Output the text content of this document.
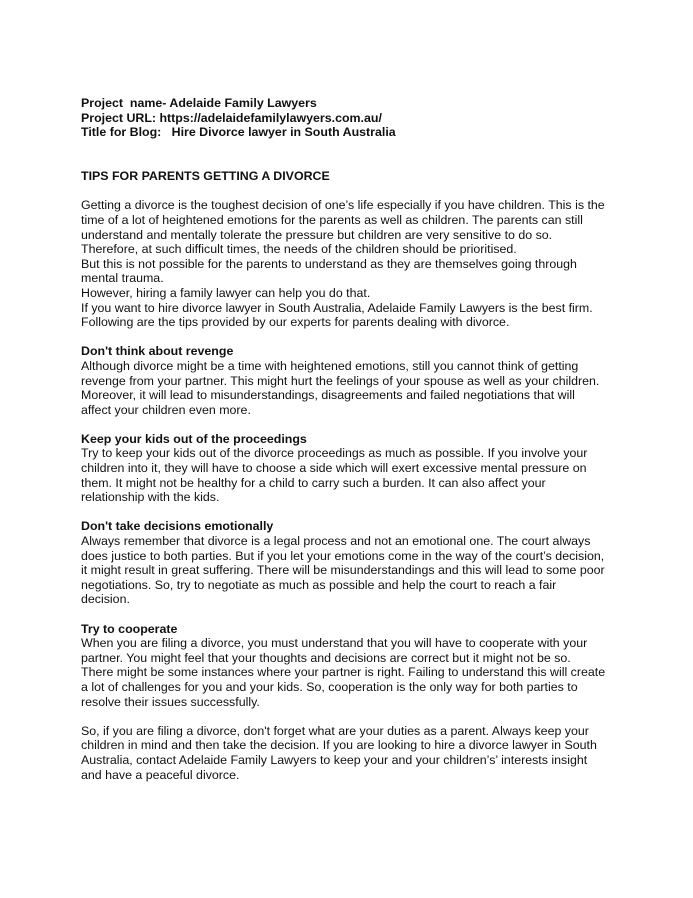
Project  name- Adelaide Family Lawyers
Project URL: https://adelaidefamilylawyers.com.au/
Title for Blog:   Hire Divorce lawyer in South Australia
TIPS FOR PARENTS GETTING A DIVORCE
Getting a divorce is the toughest decision of one’s life especially if you have children. This is the
time of a lot of heightened emotions for the parents as well as children. The parents can still
understand and mentally tolerate the pressure but children are very sensitive to do so.
Therefore, at such difficult times, the needs of the children should be prioritised.
But this is not possible for the parents to understand as they are themselves going through
mental trauma.
However, hiring a family lawyer can help you do that.
If you want to hire divorce lawyer in South Australia, Adelaide Family Lawyers is the best firm.
Following are the tips provided by our experts for parents dealing with divorce.
Don't think about revenge
Although divorce might be a time with heightened emotions, still you cannot think of getting
revenge from your partner. This might hurt the feelings of your spouse as well as your children.
Moreover, it will lead to misunderstandings, disagreements and failed negotiations that will
affect your children even more.
Keep your kids out of the proceedings
Try to keep your kids out of the divorce proceedings as much as possible. If you involve your
children into it, they will have to choose a side which will exert excessive mental pressure on
them. It might not be healthy for a child to carry such a burden. It can also affect your
relationship with the kids.
Don't take decisions emotionally
Always remember that divorce is a legal process and not an emotional one. The court always
does justice to both parties. But if you let your emotions come in the way of the court’s decision,
it might result in great suffering. There will be misunderstandings and this will lead to some poor
negotiations. So, try to negotiate as much as possible and help the court to reach a fair
decision.
Try to cooperate
When you are filing a divorce, you must understand that you will have to cooperate with your
partner. You might feel that your thoughts and decisions are correct but it might not be so.
There might be some instances where your partner is right. Failing to understand this will create
a lot of challenges for you and your kids. So, cooperation is the only way for both parties to
resolve their issues successfully.
So, if you are filing a divorce, don't forget what are your duties as a parent. Always keep your
children in mind and then take the decision. If you are looking to hire a divorce lawyer in South
Australia, contact Adelaide Family Lawyers to keep your and your children’s’ interests insight
and have a peaceful divorce.
